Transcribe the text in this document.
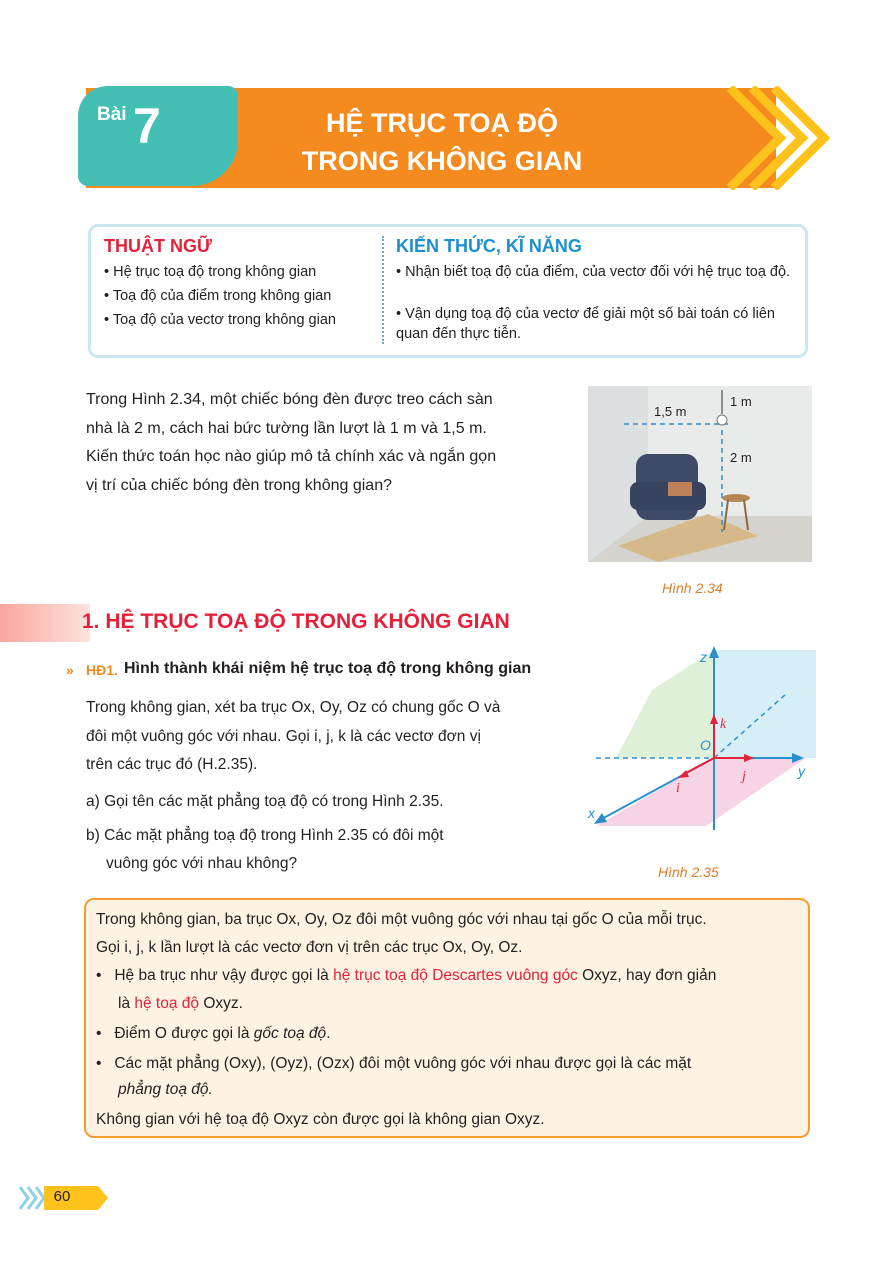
Bài 7	HỆ TRỤC TOẠ ĐỘ
TRONG KHÔNG GIAN
THUẬT NGỮ
• Hệ trục toạ độ trong không gian
• Toạ độ của điểm trong không gian
• Toạ độ của vectơ trong không gian
KIẾN THỨC, KĨ NĂNG
• Nhận biết toạ độ của điểm, của vectơ đối với hệ trục toạ độ.
• Vận dụng toạ độ của vectơ để giải một số bài toán có liên quan đến thực tiễn.
Trong Hình 2.34, một chiếc bóng đèn được treo cách sàn
nhà là 2 m, cách hai bức tường lần lượt là 1 m và 1,5 m.
Kiến thức toán học nào giúp mô tả chính xác và ngắn gọn
vị trí của chiếc bóng đèn trong không gian?
1,5 m
1 m
2 m
Hình 2.34
1. HỆ TRỤC TOẠ ĐỘ TRONG KHÔNG GIAN
» HĐ1. Hình thành khái niệm hệ trục toạ độ trong không gian
Trong không gian, xét ba trục Ox, Oy, Oz có chung gốc O và
đôi một vuông góc với nhau. Gọi i, j, k là các vectơ đơn vị
trên các trục đó (H.2.35).
a) Gọi tên các mặt phẳng toạ độ có trong Hình 2.35.
b) Các mặt phẳng toạ độ trong Hình 2.35 có đôi một
vuông góc với nhau không?
z
y
x
O
k
j
i
Hình 2.35
Trong không gian, ba trục Ox, Oy, Oz đôi một vuông góc với nhau tại gốc O của mỗi trục.
Gọi i, j, k lần lượt là các vectơ đơn vị trên các trục Ox, Oy, Oz.
•   Hệ ba trục như vậy được gọi là hệ trục toạ độ Descartes vuông góc Oxyz, hay đơn giản
là hệ toạ độ Oxyz.
•   Điểm O được gọi là gốc toạ độ.
•   Các mặt phẳng (Oxy), (Oyz), (Ozx) đôi một vuông góc với nhau được gọi là các mặt
phẳng toạ độ.
Không gian với hệ toạ độ Oxyz còn được gọi là không gian Oxyz.
60
